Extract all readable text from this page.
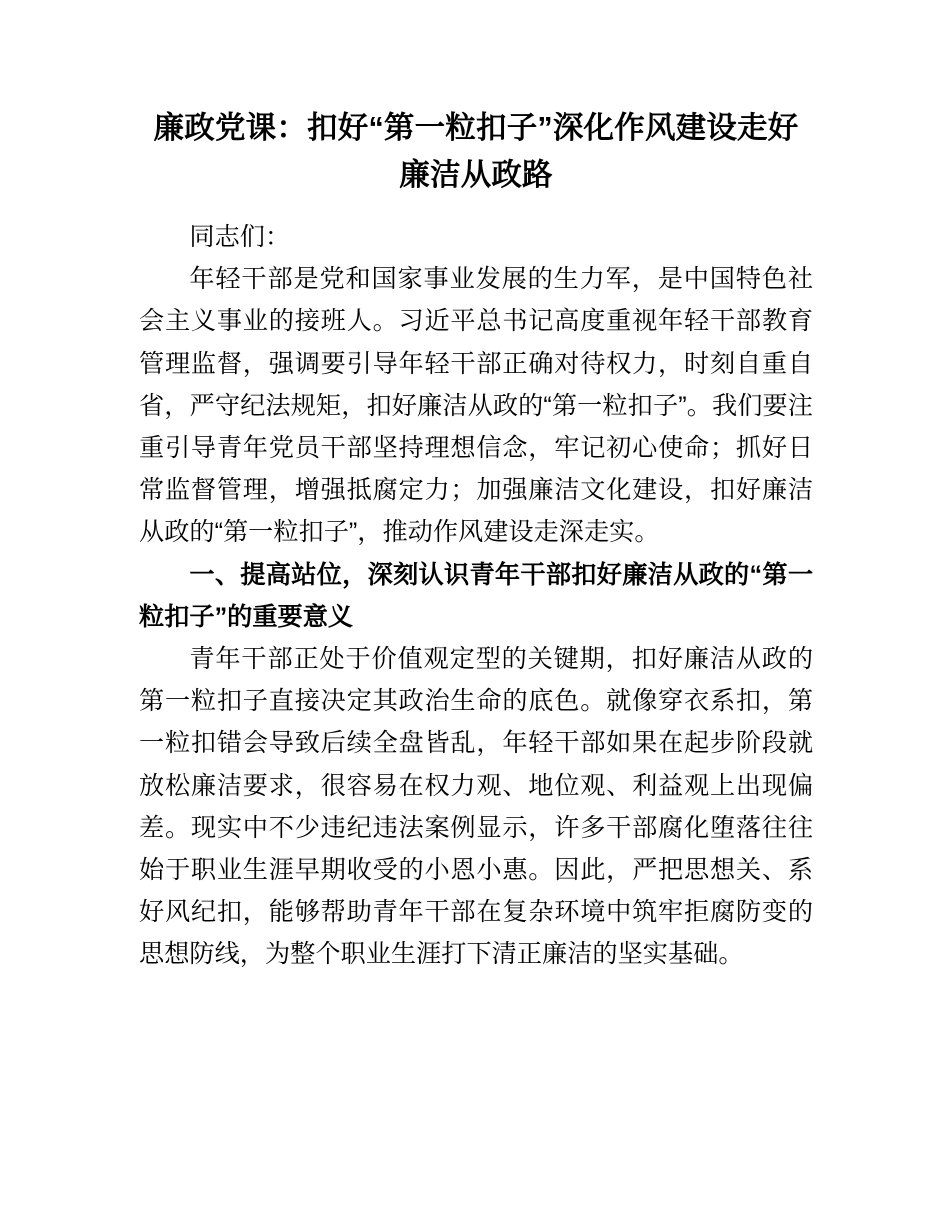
廉政党课：扣好“第一粒扣子”深化作风建设走好廉洁从政路

同志们：

年轻干部是党和国家事业发展的生力军，是中国特色社会主义事业的接班人。习近平总书记高度重视年轻干部教育管理监督，强调要引导年轻干部正确对待权力，时刻自重自省，严守纪法规矩，扣好廉洁从政的“第一粒扣子”。我们要注重引导青年党员干部坚持理想信念，牢记初心使命；抓好日常监督管理，增强抵腐定力；加强廉洁文化建设，扣好廉洁从政的“第一粒扣子”，推动作风建设走深走实。

一、提高站位，深刻认识青年干部扣好廉洁从政的“第一粒扣子”的重要意义

青年干部正处于价值观定型的关键期，扣好廉洁从政的第一粒扣子直接决定其政治生命的底色。就像穿衣系扣，第一粒扣错会导致后续全盘皆乱，年轻干部如果在起步阶段就放松廉洁要求，很容易在权力观、地位观、利益观上出现偏差。现实中不少违纪违法案例显示，许多干部腐化堕落往往始于职业生涯早期收受的小恩小惠。因此，严把思想关、系好风纪扣，能够帮助青年干部在复杂环境中筑牢拒腐防变的思想防线，为整个职业生涯打下清正廉洁的坚实基础。
